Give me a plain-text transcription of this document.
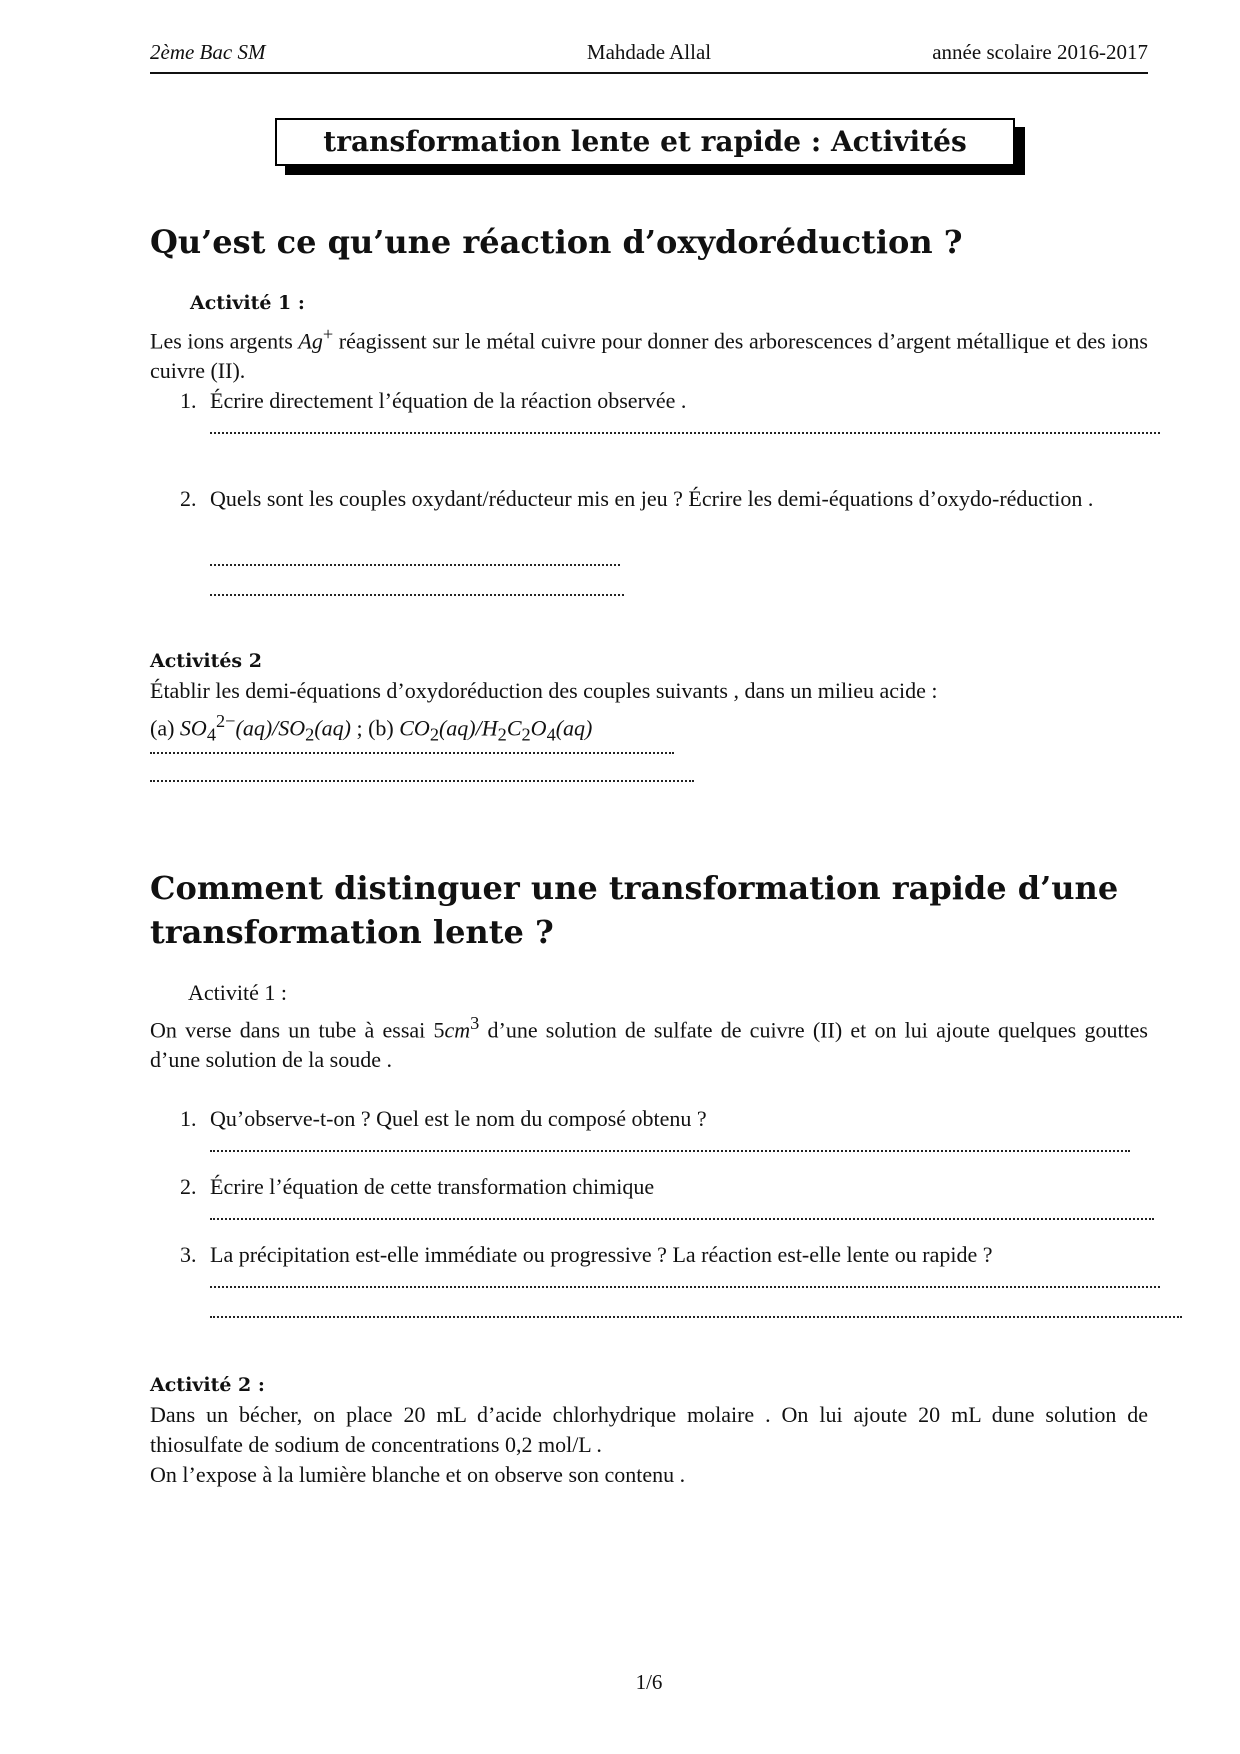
2ème Bac SM	Mahdade Allal	année scolaire 2016-2017
transformation lente et rapide : Activités
Qu’est ce qu’une réaction d’oxydoréduction ?
Activité 1 :
Les ions argents Ag+ réagissent sur le métal cuivre pour donner des arborescences d’argent métallique et des ions cuivre (II).
1. Écrire directement l’équation de la réaction observée .
2. Quels sont les couples oxydant/réducteur mis en jeu ? Écrire les demi-équations d’oxydo-réduction .
Activités 2
Établir les demi-équations d’oxydoréduction des couples suivants , dans un milieu acide :
(a) $SO_4^{2-}(aq)/SO_2(aq)$ ; (b) $CO_2(aq)/H_2C_2O_4(aq)$
Comment distinguer une transformation rapide d’une transformation lente ?
Activité 1 :
On verse dans un tube à essai $5cm^3$ d’une solution de sulfate de cuivre (II) et on lui ajoute quelques gouttes d’une solution de la soude .
1. Qu’observe-t-on ? Quel est le nom du composé obtenu ?
2. Écrire l’équation de cette transformation chimique
3. La précipitation est-elle immédiate ou progressive ? La réaction est-elle lente ou rapide ?
Activité 2 :
Dans un bécher, on place 20 mL d’acide chlorhydrique molaire . On lui ajoute 20 mL dune solution de thiosulfate de sodium de concentrations 0,2 mol/L .
On l’expose à la lumière blanche et on observe son contenu .
1/6
